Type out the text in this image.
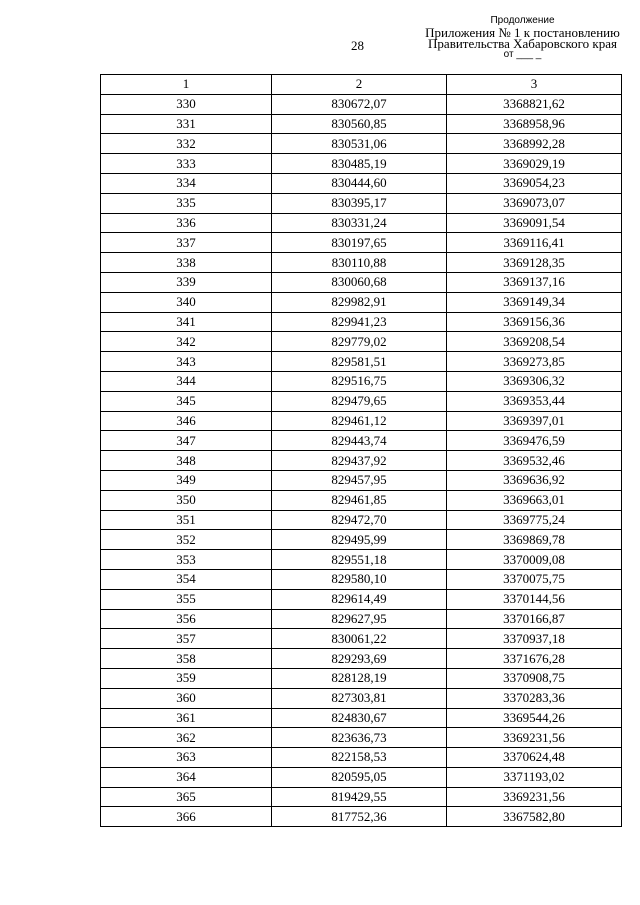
28
Продолжение
Приложения № 1 к постановлению
Правительства Хабаровского края
от ___ _
1	2	3
330	830672,07	3368821,62
331	830560,85	3368958,96
332	830531,06	3368992,28
333	830485,19	3369029,19
334	830444,60	3369054,23
335	830395,17	3369073,07
336	830331,24	3369091,54
337	830197,65	3369116,41
338	830110,88	3369128,35
339	830060,68	3369137,16
340	829982,91	3369149,34
341	829941,23	3369156,36
342	829779,02	3369208,54
343	829581,51	3369273,85
344	829516,75	3369306,32
345	829479,65	3369353,44
346	829461,12	3369397,01
347	829443,74	3369476,59
348	829437,92	3369532,46
349	829457,95	3369636,92
350	829461,85	3369663,01
351	829472,70	3369775,24
352	829495,99	3369869,78
353	829551,18	3370009,08
354	829580,10	3370075,75
355	829614,49	3370144,56
356	829627,95	3370166,87
357	830061,22	3370937,18
358	829293,69	3371676,28
359	828128,19	3370908,75
360	827303,81	3370283,36
361	824830,67	3369544,26
362	823636,73	3369231,56
363	822158,53	3370624,48
364	820595,05	3371193,02
365	819429,55	3369231,56
366	817752,36	3367582,80
